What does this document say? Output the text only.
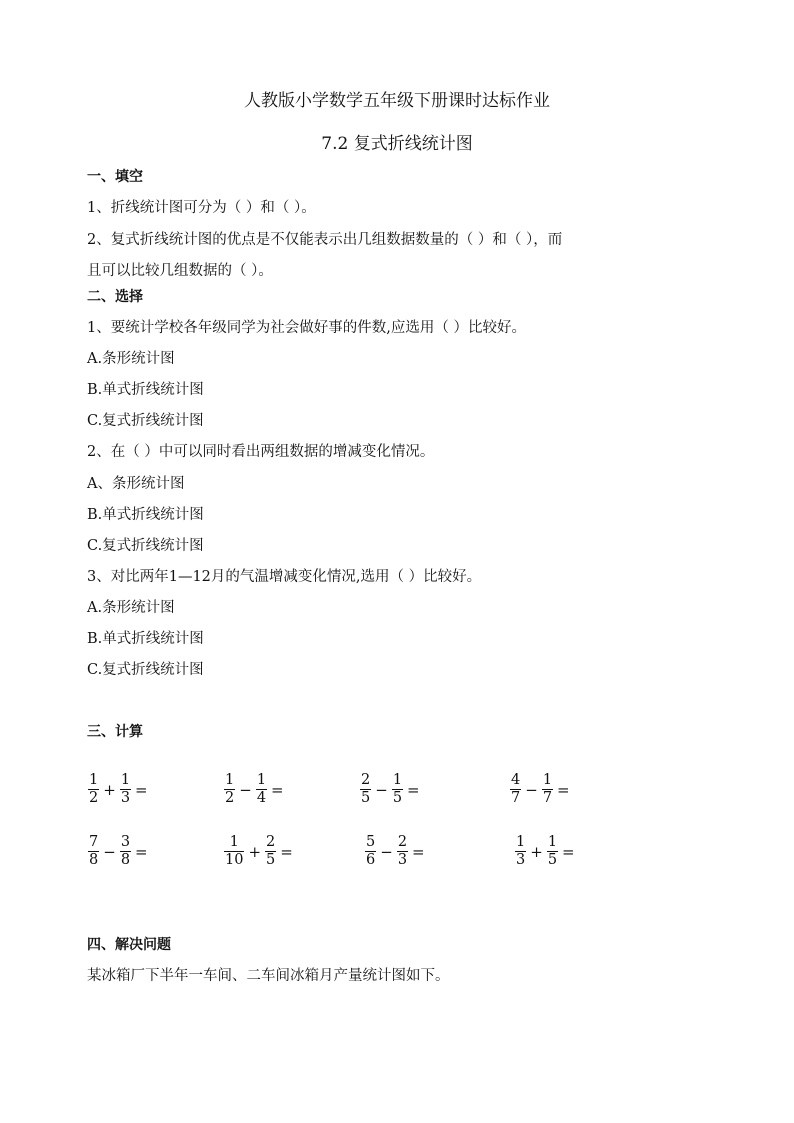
人教版小学数学五年级下册课时达标作业
7.2 复式折线统计图
一、填空
1、折线统计图可分为（ ）和（ ）。
2、复式折线统计图的优点是不仅能表示出几组数据数量的（ ）和（ ），而
且可以比较几组数据的（ ）。
二、选择
1、要统计学校各年级同学为社会做好事的件数,应选用（ ）比较好。
A.条形统计图
B.单式折线统计图
C.复式折线统计图
2、在（ ）中可以同时看出两组数据的增减变化情况。
A、条形统计图
B.单式折线统计图
C.复式折线统计图
3、对比两年1—12月的气温增减变化情况,选用（ ）比较好。
A.条形统计图
B.单式折线统计图
C.复式折线统计图
三、计算
$\frac{1}{2} + \frac{1}{3}$ =	$\frac{1}{2} - \frac{1}{4}$ =	$\frac{2}{5} - \frac{1}{5}$ =	$\frac{4}{7} - \frac{1}{7}$ =
$\frac{7}{8} - \frac{3}{8}$ =	$\frac{1}{10} + \frac{2}{5}$ =	$\frac{5}{6} - \frac{2}{3}$ =	$\frac{1}{3} + \frac{1}{5}$ =
四、解决问题
某冰箱厂下半年一车间、二车间冰箱月产量统计图如下。
